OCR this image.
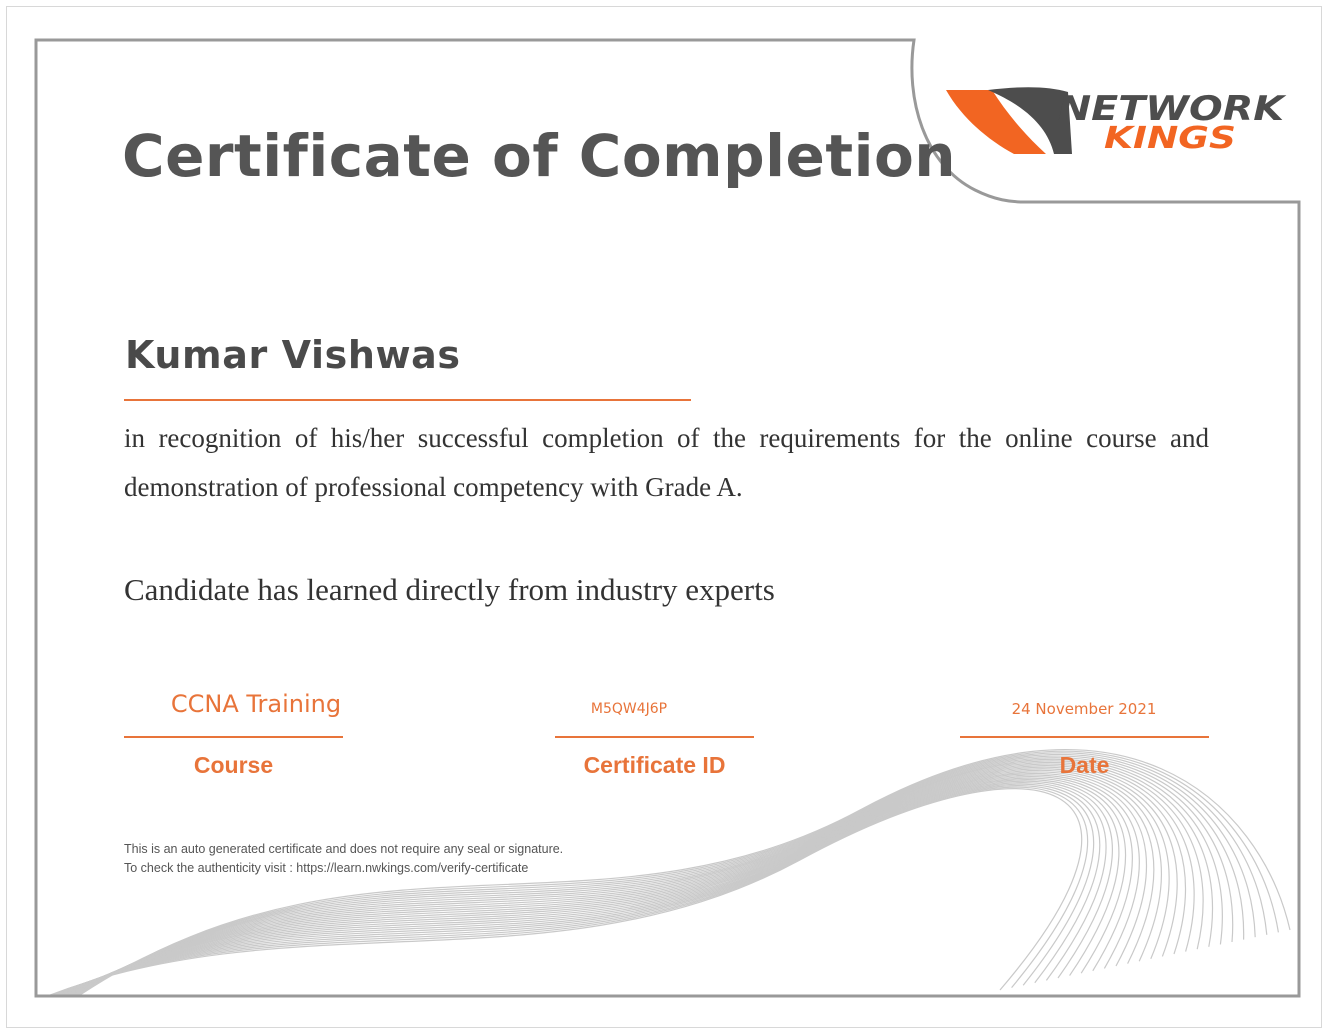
Certificate of Completion
NETWORK
KINGS
Kumar Vishwas
in recognition of his/her successful completion of the requirements for the online course and demonstration of professional competency with Grade A.
Candidate has learned directly from industry experts
CCNA Training
Course
M5QW4J6P
Certificate ID
24 November 2021
Date
This is an auto generated certificate and does not require any seal or signature.
To check the authenticity visit : https://learn.nwkings.com/verify-certificate
